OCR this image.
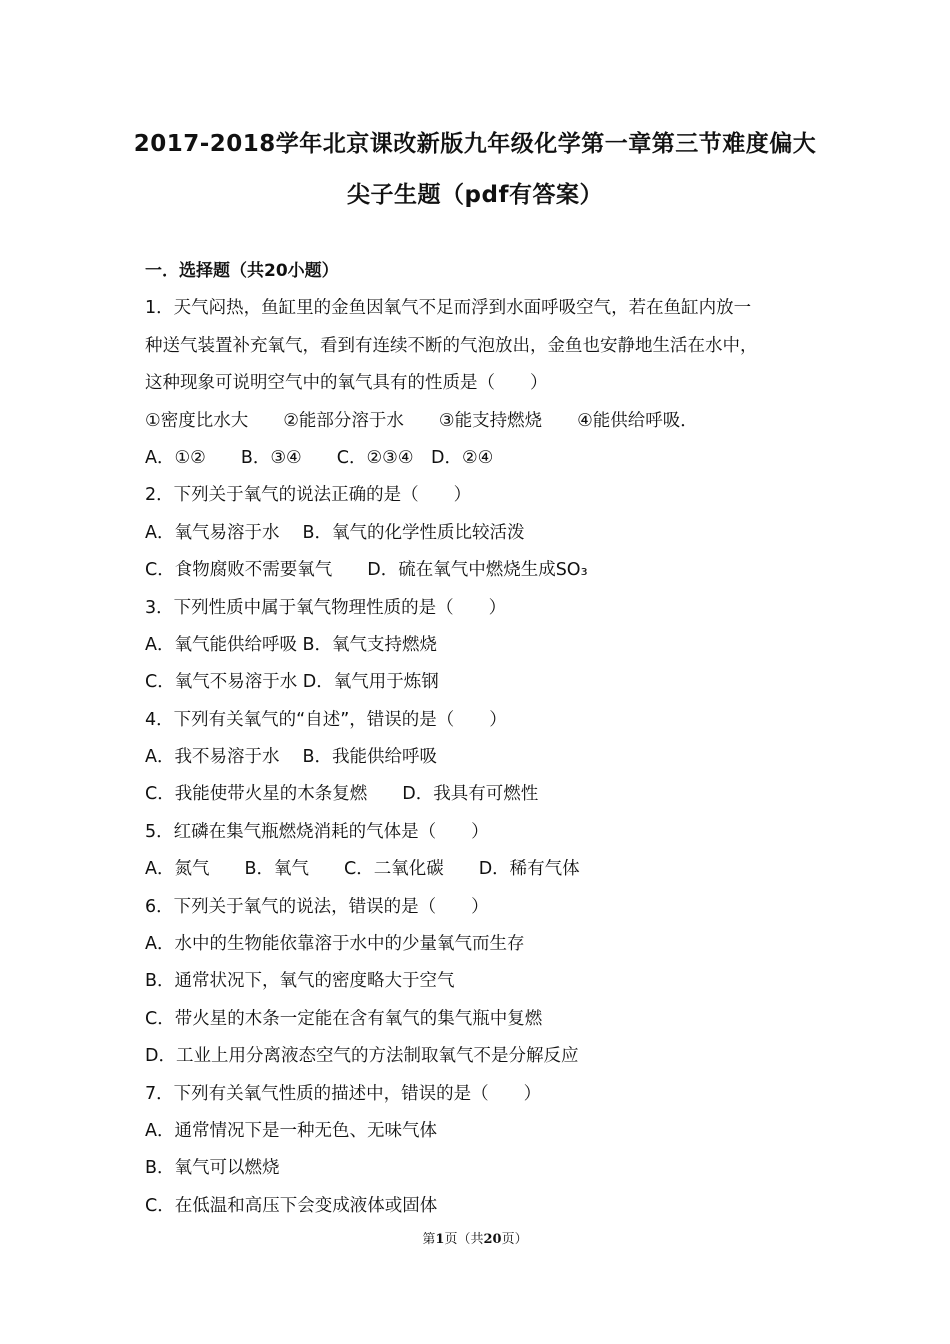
2017-2018学年北京课改新版九年级化学第一章第三节难度偏大
尖子生题（pdf有答案）
一．选择题（共20小题）
1．天气闷热，鱼缸里的金鱼因氧气不足而浮到水面呼吸空气，若在鱼缸内放一
种送气装置补充氧气，看到有连续不断的气泡放出，金鱼也安静地生活在水中，
这种现象可说明空气中的氧气具有的性质是（　　）
①密度比水大　　②能部分溶于水　　③能支持燃烧　　④能供给呼吸．
A．①②　　B．③④　　C．②③④　D．②④
2．下列关于氧气的说法正确的是（　　）
A．氧气易溶于水　 B．氧气的化学性质比较活泼
C．食物腐败不需要氧气　　D．硫在氧气中燃烧生成SO₃
3．下列性质中属于氧气物理性质的是（　　）
A．氧气能供给呼吸 B．氧气支持燃烧
C．氧气不易溶于水 D．氧气用于炼钢
4．下列有关氧气的“自述”，错误的是（　　）
A．我不易溶于水　 B．我能供给呼吸
C．我能使带火星的木条复燃　　D．我具有可燃性
5．红磷在集气瓶燃烧消耗的气体是（　　）
A．氮气　　B．氧气　　C．二氧化碳　　D．稀有气体
6．下列关于氧气的说法，错误的是（　　）
A．水中的生物能依靠溶于水中的少量氧气而生存
B．通常状况下，氧气的密度略大于空气
C．带火星的木条一定能在含有氧气的集气瓶中复燃
D．工业上用分离液态空气的方法制取氧气不是分解反应
7．下列有关氧气性质的描述中，错误的是（　　）
A．通常情况下是一种无色、无味气体
B．氧气可以燃烧
C．在低温和高压下会变成液体或固体
第1页（共20页）
